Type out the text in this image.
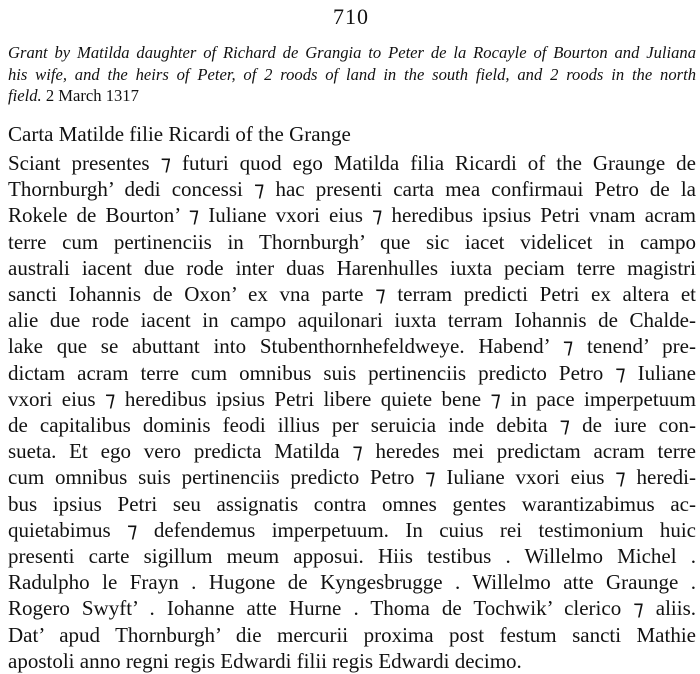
710
Grant by Matilda daughter of Richard de Grangia to Peter de la Rocayle of Bourton and Juliana
his wife, and the heirs of Peter, of 2 roods of land in the south field, and 2 roods in the north
field. 2 March 1317
Carta Matilde filie Ricardi of the Grange
Sciant presentes ⁊ futuri quod ego Matilda filia Ricardi of the Graunge de
Thornburgh’ dedi concessi ⁊ hac presenti carta mea confirmaui Petro de la
Rokele de Bourton’ ⁊ Iuliane vxori eius ⁊ heredibus ipsius Petri vnam acram
terre cum pertinenciis in Thornburgh’ que sic iacet videlicet in campo
australi iacent due rode inter duas Harenhulles iuxta peciam terre magistri
sancti Iohannis de Oxon’ ex vna parte ⁊ terram predicti Petri ex altera et
alie due rode iacent in campo aquilonari iuxta terram Iohannis de Chalde-
lake que se abuttant into Stubenthornhefeldweye. Habend’ ⁊ tenend’ pre-
dictam acram terre cum omnibus suis pertinenciis predicto Petro ⁊ Iuliane
vxori eius ⁊ heredibus ipsius Petri libere quiete bene ⁊ in pace imperpetuum
de capitalibus dominis feodi illius per seruicia inde debita ⁊ de iure con-
sueta. Et ego vero predicta Matilda ⁊ heredes mei predictam acram terre
cum omnibus suis pertinenciis predicto Petro ⁊ Iuliane vxori eius ⁊ heredi-
bus ipsius Petri seu assignatis contra omnes gentes warantizabimus ac-
quietabimus ⁊ defendemus imperpetuum. In cuius rei testimonium huic
presenti carte sigillum meum apposui. Hiis testibus . Willelmo Michel .
Radulpho le Frayn . Hugone de Kyngesbrugge . Willelmo atte Graunge .
Rogero Swyft’ . Iohanne atte Hurne . Thoma de Tochwik’ clerico ⁊ aliis.
Dat’ apud Thornburgh’ die mercurii proxima post festum sancti Mathie
apostoli anno regni regis Edwardi filii regis Edwardi decimo.
